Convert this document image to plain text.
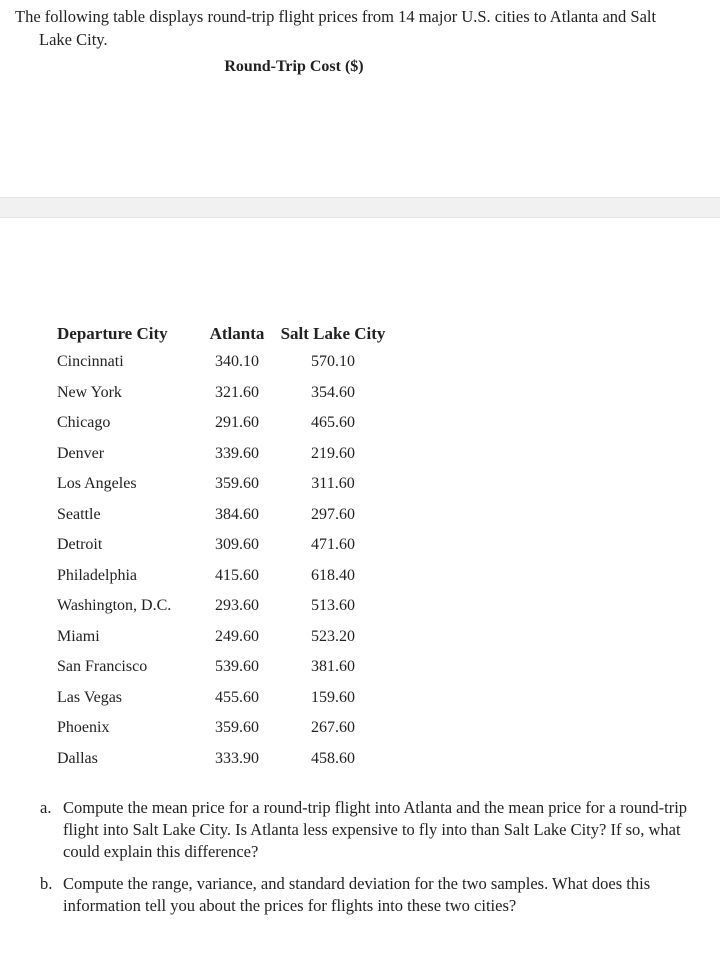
The following table displays round-trip flight prices from 14 major U.S. cities to Atlanta and Salt
Lake City.

Round-Trip Cost ($)

Departure City	Atlanta	Salt Lake City
Cincinnati	340.10	570.10
New York	321.60	354.60
Chicago	291.60	465.60
Denver	339.60	219.60
Los Angeles	359.60	311.60
Seattle	384.60	297.60
Detroit	309.60	471.60
Philadelphia	415.60	618.40
Washington, D.C.	293.60	513.60
Miami	249.60	523.20
San Francisco	539.60	381.60
Las Vegas	455.60	159.60
Phoenix	359.60	267.60
Dallas	333.90	458.60
a. Compute the mean price for a round-trip flight into Atlanta and the mean price for a round-trip flight into Salt Lake City. Is Atlanta less expensive to fly into than Salt Lake City? If so, what could explain this difference?
b. Compute the range, variance, and standard deviation for the two samples. What does this information tell you about the prices for flights into these two cities?
